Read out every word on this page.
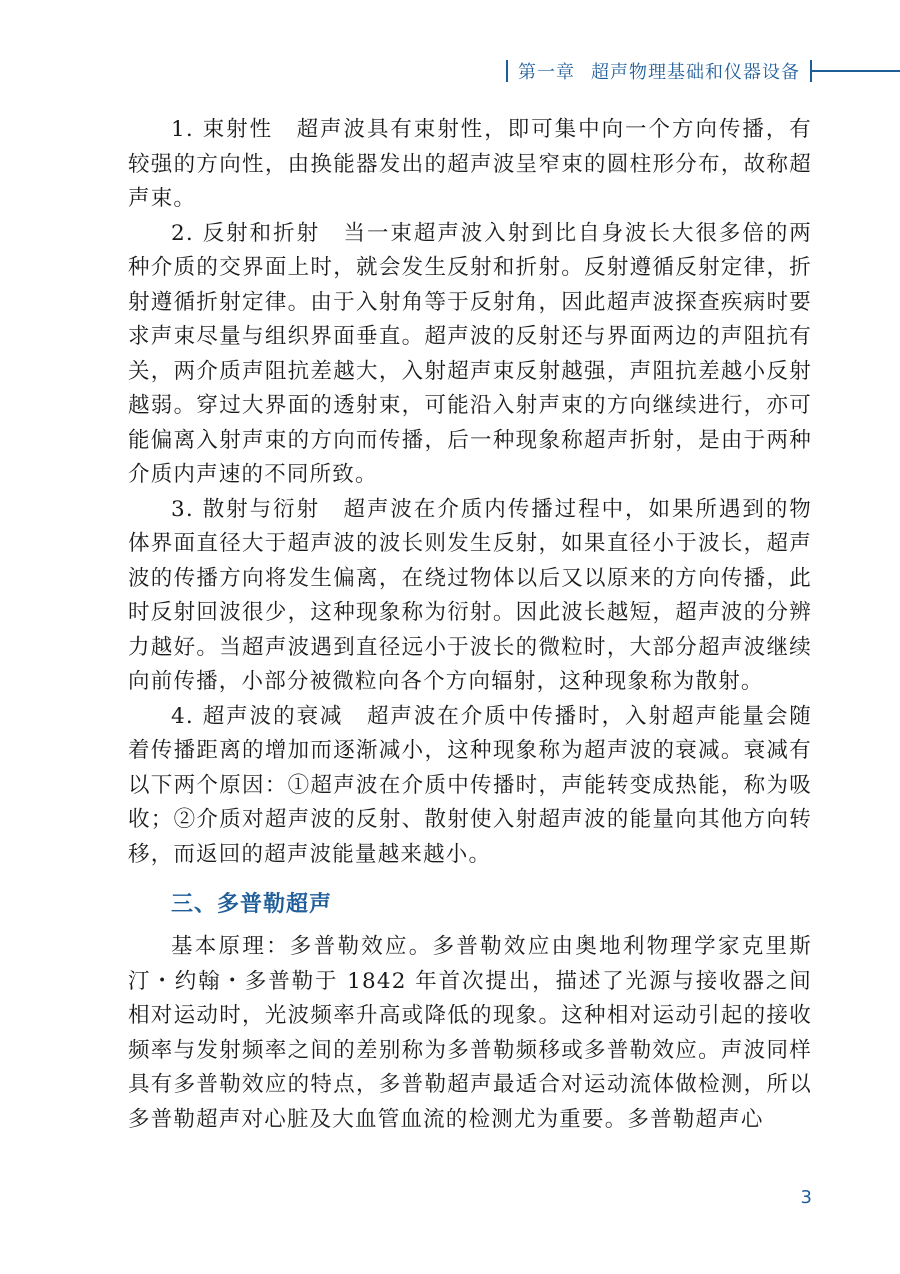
第一章 超声物理基础和仪器设备

1. 束射性　超声波具有束射性，即可集中向一个方向传播，有较强的方向性，由换能器发出的超声波呈窄束的圆柱形分布，故称超声束。

2. 反射和折射　当一束超声波入射到比自身波长大很多倍的两种介质的交界面上时，就会发生反射和折射。反射遵循反射定律，折射遵循折射定律。由于入射角等于反射角，因此超声波探查疾病时要求声束尽量与组织界面垂直。超声波的反射还与界面两边的声阻抗有关，两介质声阻抗差越大，入射超声束反射越强，声阻抗差越小反射越弱。穿过大界面的透射束，可能沿入射声束的方向继续进行，亦可能偏离入射声束的方向而传播，后一种现象称超声折射，是由于两种介质内声速的不同所致。

3. 散射与衍射　超声波在介质内传播过程中，如果所遇到的物体界面直径大于超声波的波长则发生反射，如果直径小于波长，超声波的传播方向将发生偏离，在绕过物体以后又以原来的方向传播，此时反射回波很少，这种现象称为衍射。因此波长越短，超声波的分辨力越好。当超声波遇到直径远小于波长的微粒时，大部分超声波继续向前传播，小部分被微粒向各个方向辐射，这种现象称为散射。

4. 超声波的衰减　超声波在介质中传播时，入射超声能量会随着传播距离的增加而逐渐减小，这种现象称为超声波的衰减。衰减有以下两个原因：①超声波在介质中传播时，声能转变成热能，称为吸收；②介质对超声波的反射、散射使入射超声波的能量向其他方向转移，而返回的超声波能量越来越小。

三、多普勒超声

基本原理：多普勒效应。多普勒效应由奥地利物理学家克里斯汀・约翰・多普勒于 1842 年首次提出，描述了光源与接收器之间相对运动时，光波频率升高或降低的现象。这种相对运动引起的接收频率与发射频率之间的差别称为多普勒频移或多普勒效应。声波同样具有多普勒效应的特点，多普勒超声最适合对运动流体做检测，所以多普勒超声对心脏及大血管血流的检测尤为重要。多普勒超声心

3
